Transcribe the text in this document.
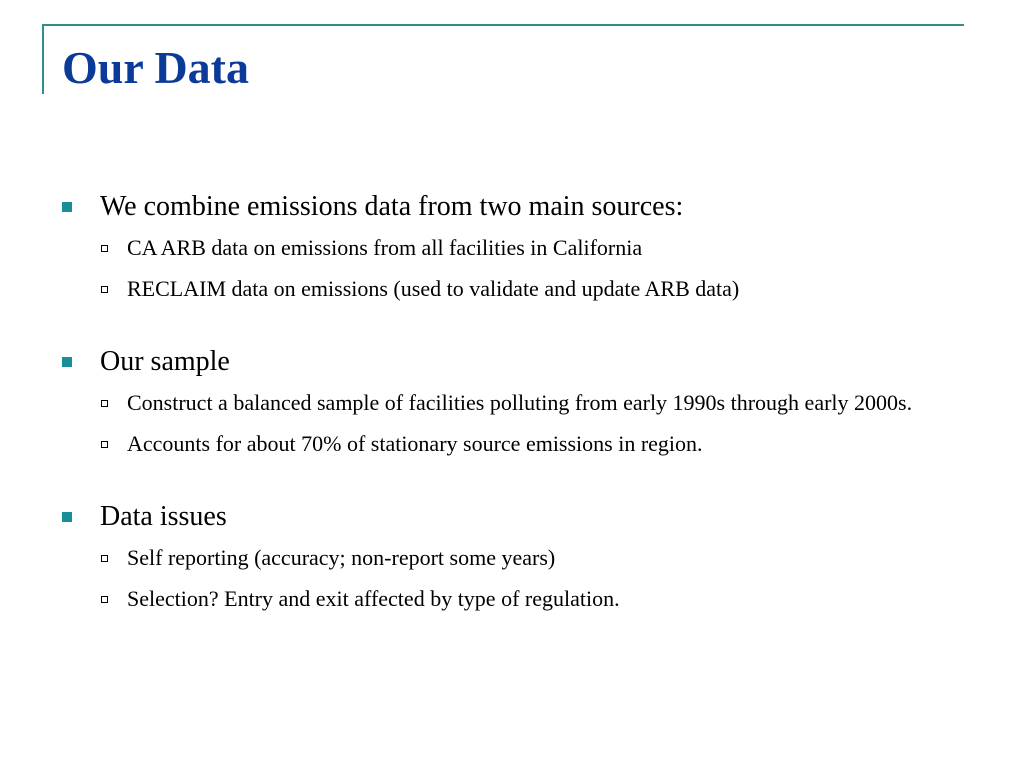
Our Data
We combine emissions data from two main sources:
CA ARB data on emissions from all facilities in California
RECLAIM data on emissions (used to validate and update ARB data)
Our sample
Construct a balanced sample of facilities polluting from early 1990s through early 2000s.
Accounts for about 70% of stationary source emissions in region.
Data issues
Self reporting (accuracy; non-report some years)
Selection? Entry and exit affected by type of regulation.
